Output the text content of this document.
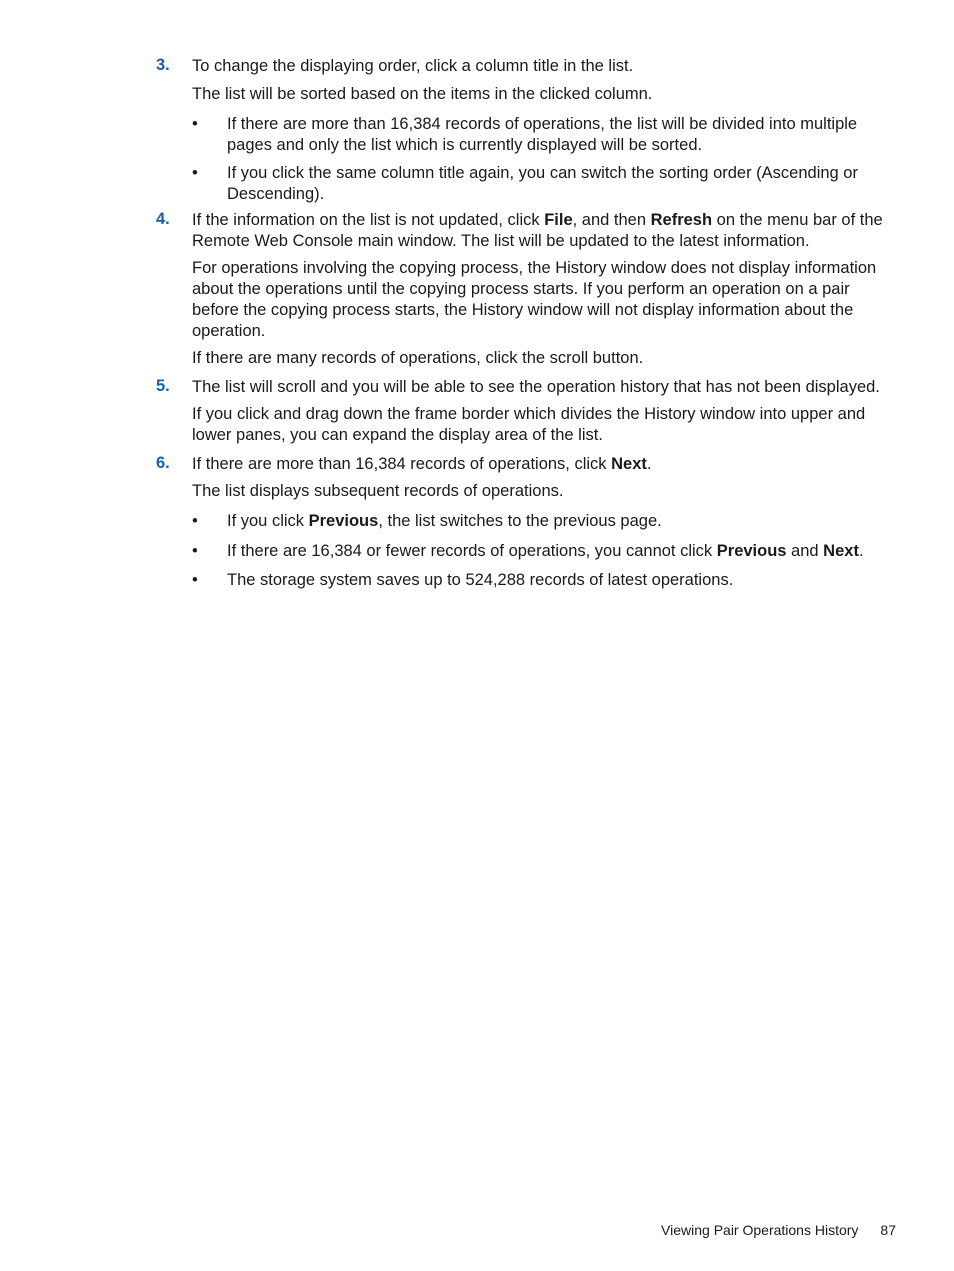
3. To change the displaying order, click a column title in the list.

The list will be sorted based on the items in the clicked column.

• If there are more than 16,384 records of operations, the list will be divided into multiple pages and only the list which is currently displayed will be sorted.

• If you click the same column title again, you can switch the sorting order (Ascending or Descending).

4. If the information on the list is not updated, click File, and then Refresh on the menu bar of the Remote Web Console main window. The list will be updated to the latest information.

For operations involving the copying process, the History window does not display information about the operations until the copying process starts. If you perform an operation on a pair before the copying process starts, the History window will not display information about the operation.

If there are many records of operations, click the scroll button.

5. The list will scroll and you will be able to see the operation history that has not been displayed.

If you click and drag down the frame border which divides the History window into upper and lower panes, you can expand the display area of the list.

6. If there are more than 16,384 records of operations, click Next.

The list displays subsequent records of operations.

• If you click Previous, the list switches to the previous page.

• If there are 16,384 or fewer records of operations, you cannot click Previous and Next.

• The storage system saves up to 524,288 records of latest operations.

Viewing Pair Operations History 87
